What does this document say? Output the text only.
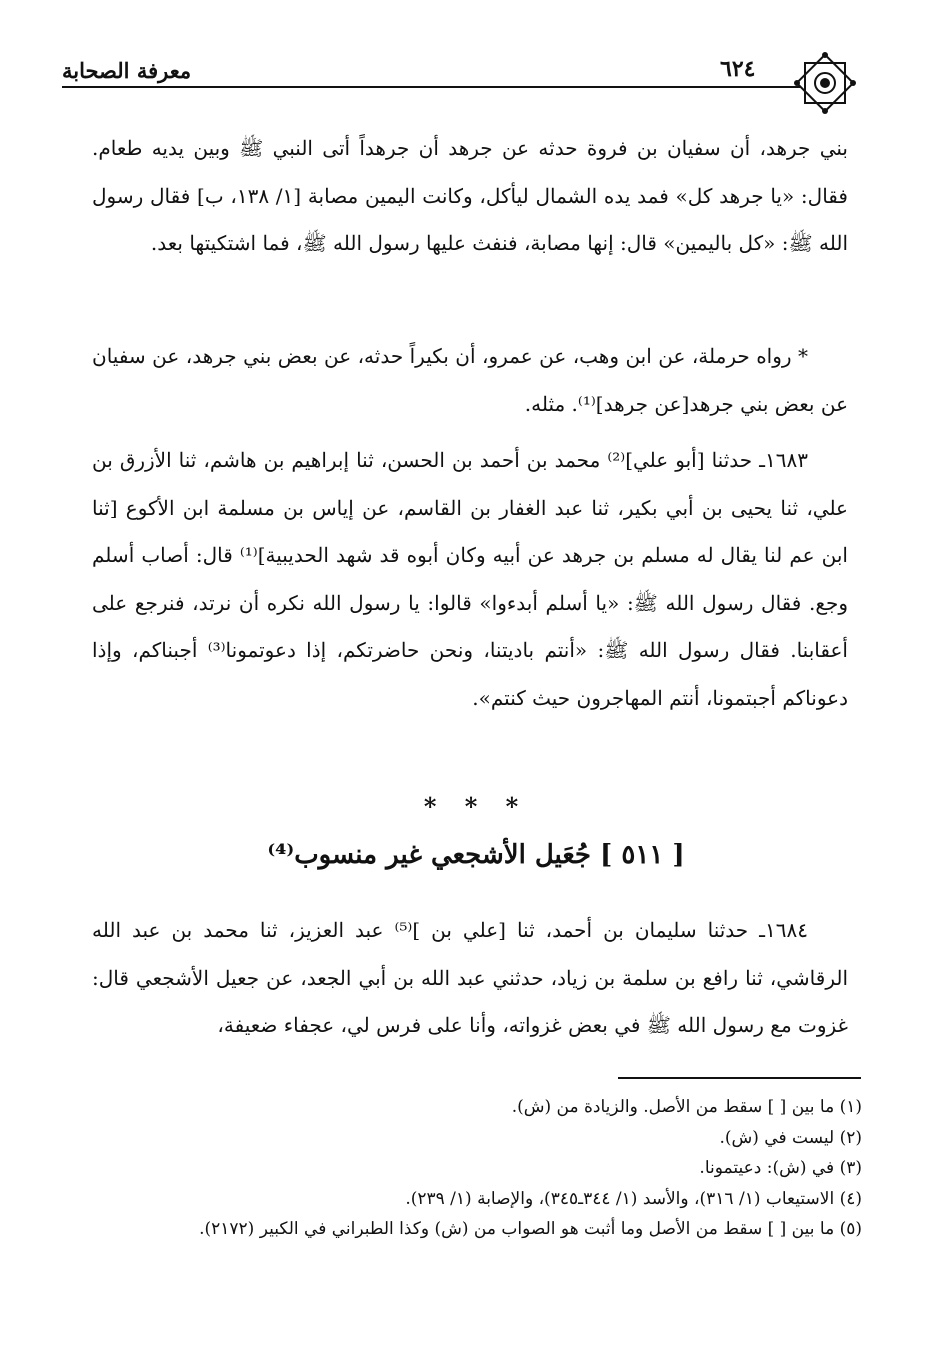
معرفة الصحابة	٦٢٤
بني جرهد، أن سفيان بن فروة حدثه عن جرهد أن جرهداً أتى النبي ﷺ وبين يديه طعام. فقال: «يا جرهد كل» فمد يده الشمال ليأكل، وكانت اليمين مصابة [١/ ١٣٨، ب] فقال رسول الله ﷺ: «كل باليمين» قال: إنها مصابة، فنفث عليها رسول الله ﷺ، فما اشتكيتها بعد.
* رواه حرملة، عن ابن وهب، عن عمرو، أن بكيراً حدثه، عن بعض بني جرهد، عن سفيان عن بعض بني جرهد[عن جرهد]⁽¹⁾. مثله.
١٦٨٣ـ حدثنا [أبو علي]⁽²⁾ محمد بن أحمد بن الحسن، ثنا إبراهيم بن هاشم، ثنا الأزرق بن علي، ثنا يحيى بن أبي بكير، ثنا عبد الغفار بن القاسم، عن إياس بن مسلمة ابن الأكوع [ثنا ابن عم لنا يقال له مسلم بن جرهد عن أبيه وكان أبوه قد شهد الحديبية]⁽¹⁾ قال: أصاب أسلم وجع. فقال رسول الله ﷺ: «يا أسلم أبدءوا» قالوا: يا رسول الله نكره أن نرتد، فنرجع على أعقابنا. فقال رسول الله ﷺ: «أنتم باديتنا، ونحن حاضرتكم، إذا دعوتمونا⁽³⁾ أجبناكم، وإذا دعوناكم أجبتمونا، أنتم المهاجرون حيث كنتم».
* * *
[ ٥١١ ] جُعَيل الأشجعي غير منسوب⁽⁴⁾
١٦٨٤ـ حدثنا سليمان بن أحمد، ثنا [علي بن ]⁽⁵⁾ عبد العزيز، ثنا محمد بن عبد الله الرقاشي، ثنا رافع بن سلمة بن زياد، حدثني عبد الله بن أبي الجعد، عن جعيل الأشجعي قال: غزوت مع رسول الله ﷺ في بعض غزواته، وأنا على فرس لي، عجفاء ضعيفة،
(١) ما بين [ ] سقط من الأصل. والزيادة من (ش).
(٢) ليست في (ش).
(٣) في (ش): دعيتمونا.
(٤) الاستيعاب (١/ ٣١٦)، والأسد (١/ ٣٤٤ـ٣٤٥)، والإصابة (١/ ٢٣٩).
(٥) ما بين [ ] سقط من الأصل وما أثبت هو الصواب من (ش) وكذا الطبراني في الكبير (٢١٧٢).
